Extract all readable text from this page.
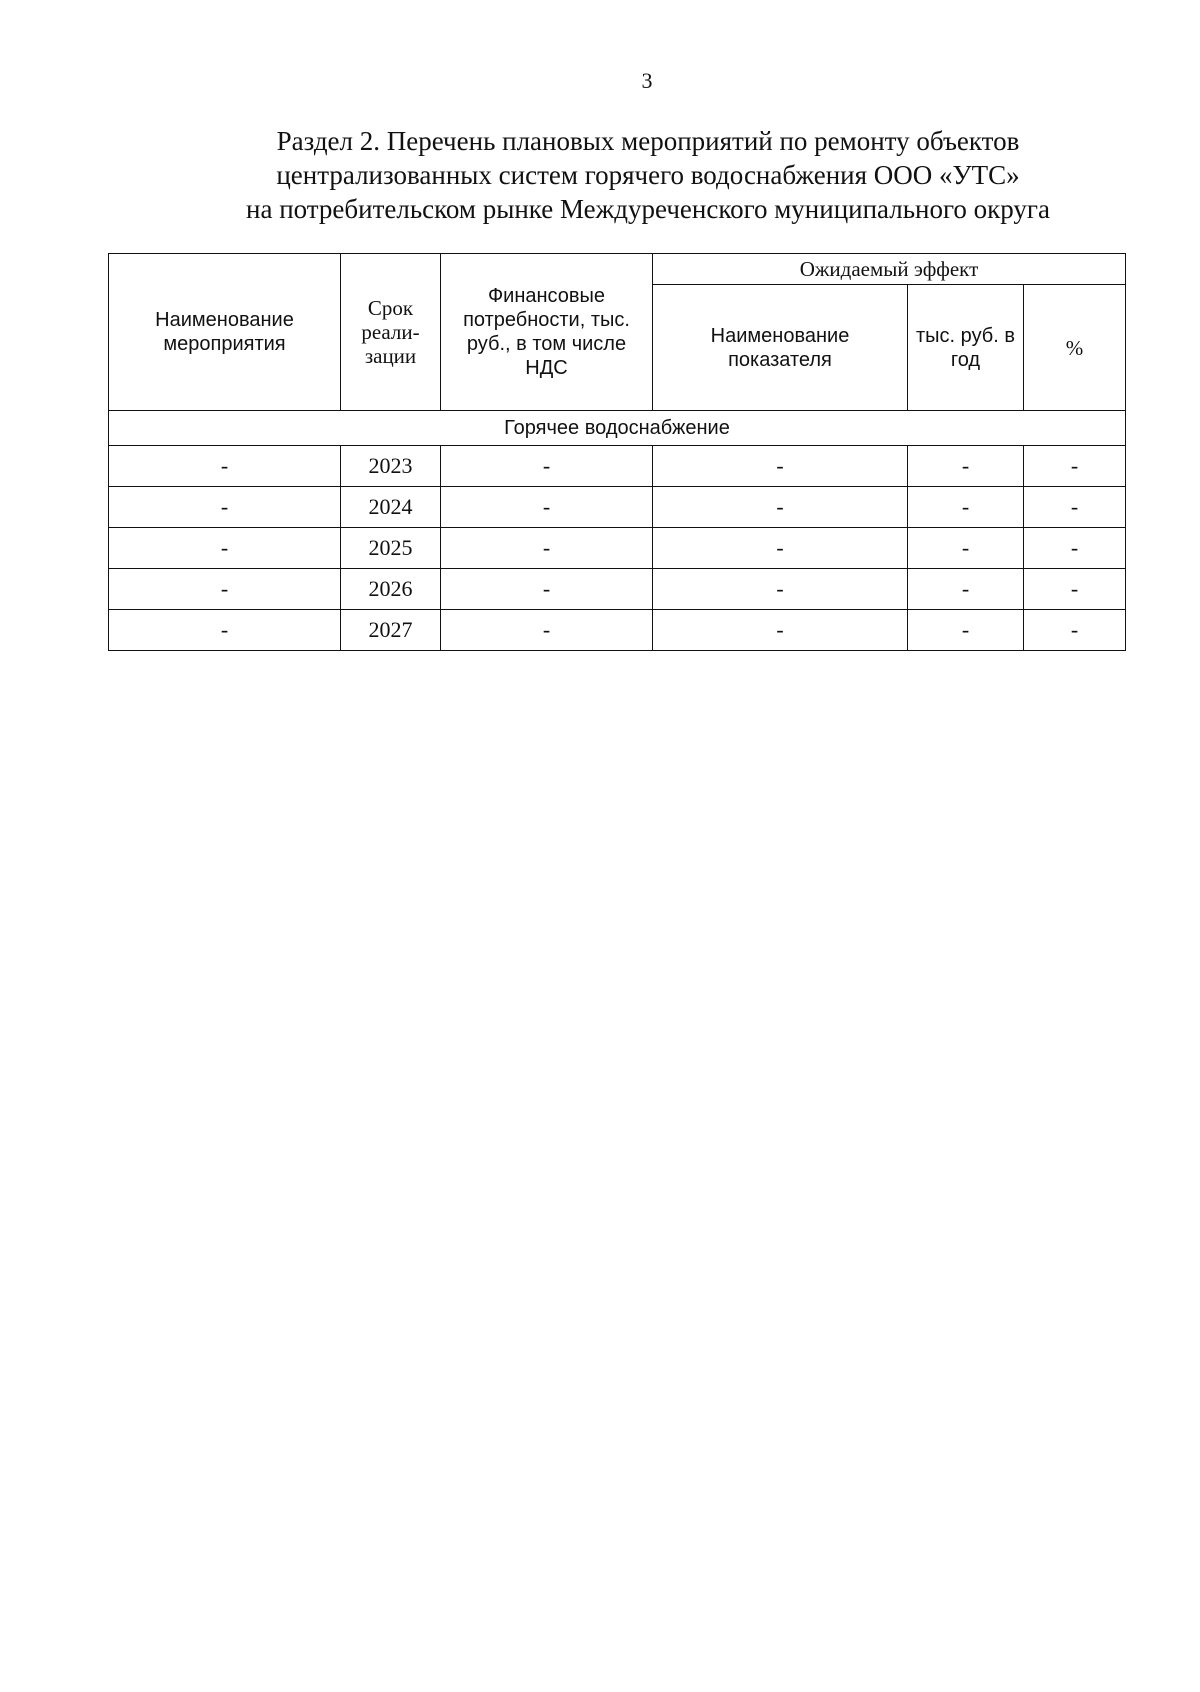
3
Раздел 2. Перечень плановых мероприятий по ремонту объектов
централизованных систем горячего водоснабжения ООО «УТС»
на потребительском рынке Междуреченского муниципального округа
Наименование мероприятия	Срок реали- зации	Финансовые потребности, тыс. руб., в том числе НДС	Ожидаемый эффект		
			Наименование показателя	тыс. руб. в год	%
Горячее водоснабжение					
-	2023	-	-	-	-
-	2024	-	-	-	-
-	2025	-	-	-	-
-	2026	-	-	-	-
-	2027	-	-	-	-
